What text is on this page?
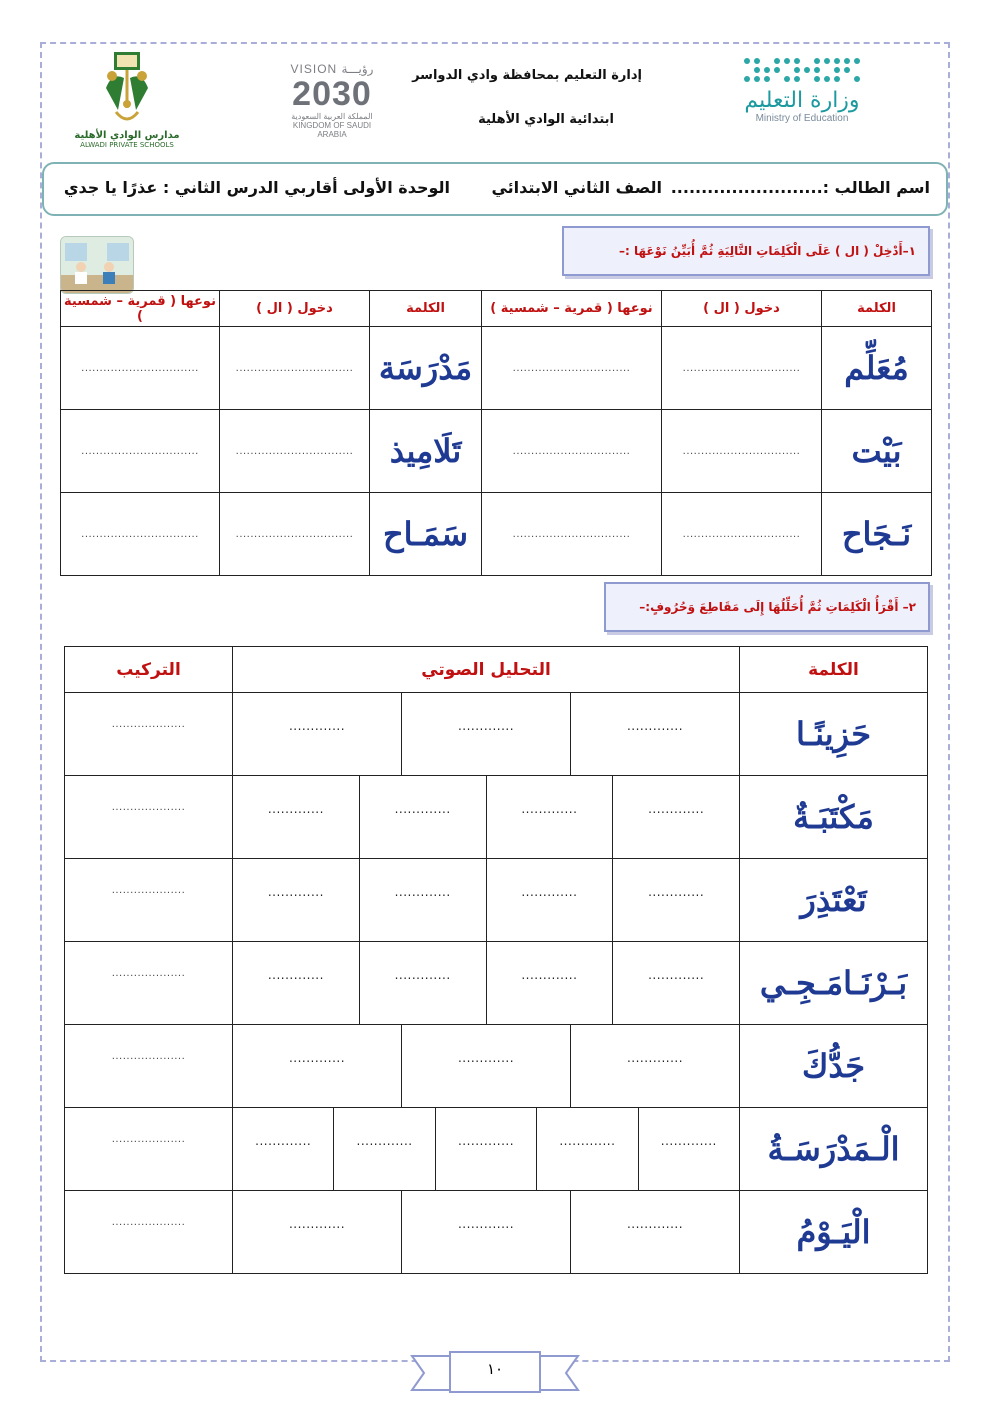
وزارة التعليم
Ministry of Education
إدارة التعليم بمحافظة وادي الدواسر
ابتدائية الوادي الأهلية
VISION رؤيـــة
2030
المملكة العربية السعودية
KINGDOM OF SAUDI ARABIA
مدارس الوادي الأهلية
ALWADI PRIVATE SCHOOLS
اسم الطالب :.........................
الصف الثاني الابتدائي
الوحدة الأولى أقاربي الدرس الثاني : عذرًا يا جدي
١–أَدْخِلْ ( ال ) عَلَى الْكَلِمَاتِ التَّالِيَةِ ثُمَّ أُبَيِّنُ نَوْعَهَا :–
الكلمة	دخول ( ال )	نوعها ( قمرية – شمسية )	الكلمة	دخول ( ال )	نوعها ( قمرية – شمسية )
مُعَلِّم	................................	................................	مَدْرَسَة	................................	................................
بَيْت	................................	................................	تَلَامِيذ	................................	................................
نَـجَاح	................................	................................	سَمَـاح	................................	................................
٢– أَقْرَأُ الْكَلِمَاتِ ثُمَّ أُحَلِّلُهَا إِلَى مَقَاطِعَ وَحُرُوفٍ:–
الكلمة	التحليل الصوتي	التركيب
حَزِينًـا	.............
.............
.............	....................
مَكْتَبَـةٌ	.............
.............
.............
.............	....................
تَعْتَذِرَ	.............
.............
.............
.............	....................
بَـرْنَـامَـجِـي	.............
.............
.............
.............	....................
جَدُّكَ	.............
.............
.............	....................
الْـمَدْرَسَـةُ	.............
.............
.............
.............
.............	....................
الْيَـوْمُ	.............
.............
.............	....................
١٠
